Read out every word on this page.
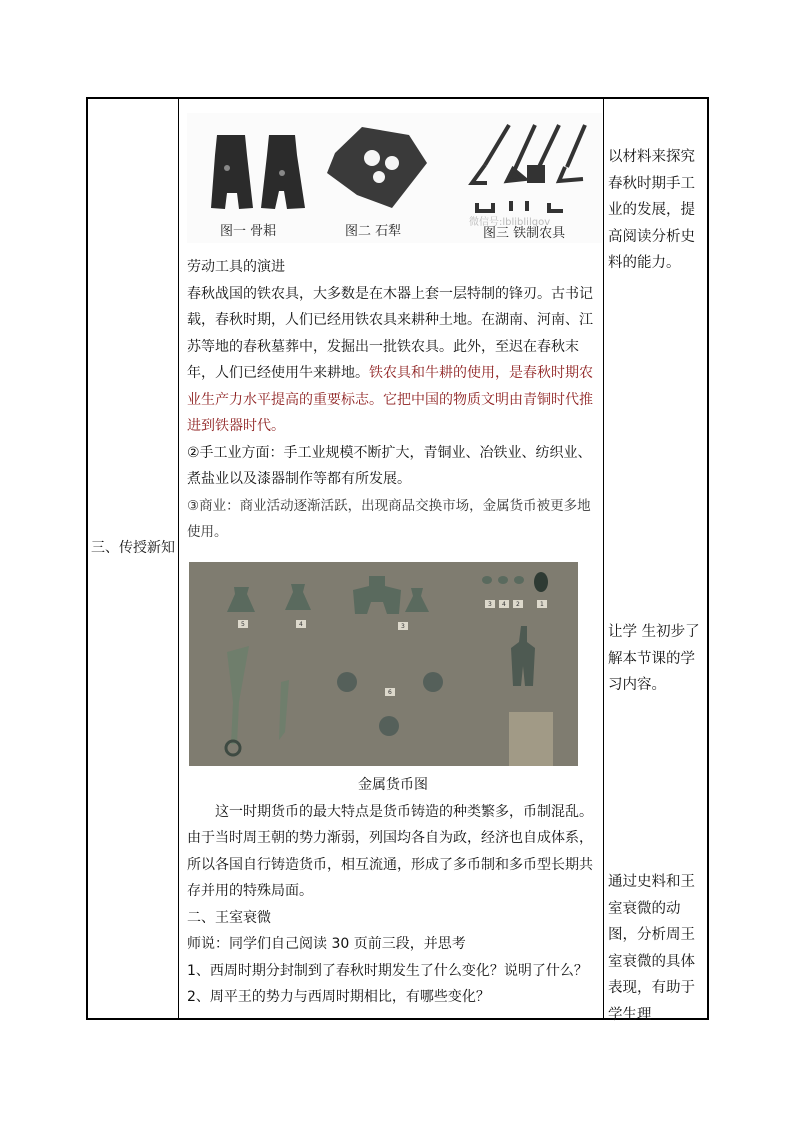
三、传授新知
图一 骨耜	图二 石犁	图三 铁制农具
微信号:lbliblilgov

劳动工具的演进

春秋战国的铁农具，大多数是在木器上套一层特制的锋刃。古书记载，春秋时期，人们已经用铁农具来耕种土地。在湖南、河南、江苏等地的春秋墓葬中，发掘出一批铁农具。此外，至迟在春秋末年，人们已经使用牛来耕地。铁农具和牛耕的使用，是春秋时期农业生产力水平提高的重要标志。它把中国的物质文明由青铜时代推进到铁器时代。

②手工业方面：手工业规模不断扩大，青铜业、冶铁业、纺织业、煮盐业以及漆器制作等都有所发展。

③商业：商业活动逐渐活跃，出现商品交换市场，金属货币被更多地使用。

5	4	3
3 4 2	1
6

金属货币图

这一时期货币的最大特点是货币铸造的种类繁多，币制混乱。由于当时周王朝的势力渐弱，列国均各自为政，经济也自成体系，所以各国自行铸造货币，相互流通，形成了多币制和多币型长期共存并用的特殊局面。

二、王室衰微

师说：同学们自己阅读 30 页前三段，并思考

1、西周时期分封制到了春秋时期发生了什么变化？说明了什么？

2、周平王的势力与西周时期相比，有哪些变化？

以材料来探究春秋时期手工业的发展，提高阅读分析史料的能力。

让学 生初步了解本节课的学习内容。

通过史料和王室衰微的动图，分析周王室衰微的具体表现，有助于学生理
